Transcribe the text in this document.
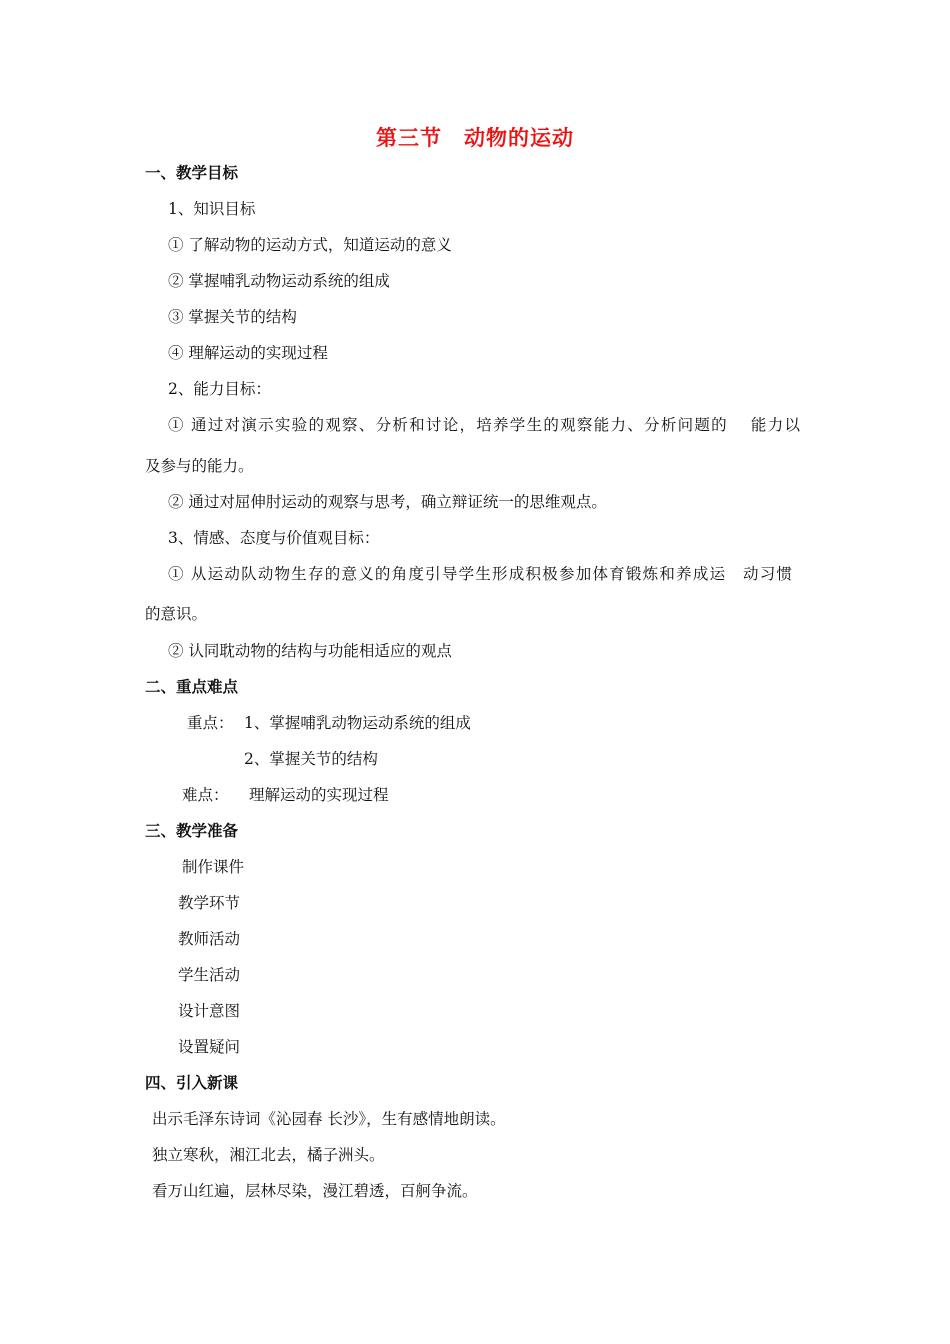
第三节 动物的运动
一、教学目标
1、知识目标
① 了解动物的运动方式，知道运动的意义
② 掌握哺乳动物运动系统的组成
③ 掌握关节的结构
④ 理解运动的实现过程
2、能力目标：
① 通过对演示实验的观察、分析和讨论，培养学生的观察能力、分析问题的　 能力以
及参与的能力。
② 通过对屈伸肘运动的观察与思考，确立辩证统一的思维观点。
3、情感、态度与价值观目标：
① 从运动队动物生存的意义的角度引导学生形成积极参加体育锻炼和养成运　动习惯
的意识。
② 认同耽动物的结构与功能相适应的观点
二、重点难点
重点： 1、掌握哺乳动物运动系统的组成
2、掌握关节的结构
难点： 理解运动的实现过程
三、教学准备
制作课件
教学环节
教师活动
学生活动
设计意图
设置疑问
四、引入新课
出示毛泽东诗词《沁园春 长沙》，生有感情地朗读。
独立寒秋，湘江北去，橘子洲头。
看万山红遍，层林尽染，漫江碧透，百舸争流。
